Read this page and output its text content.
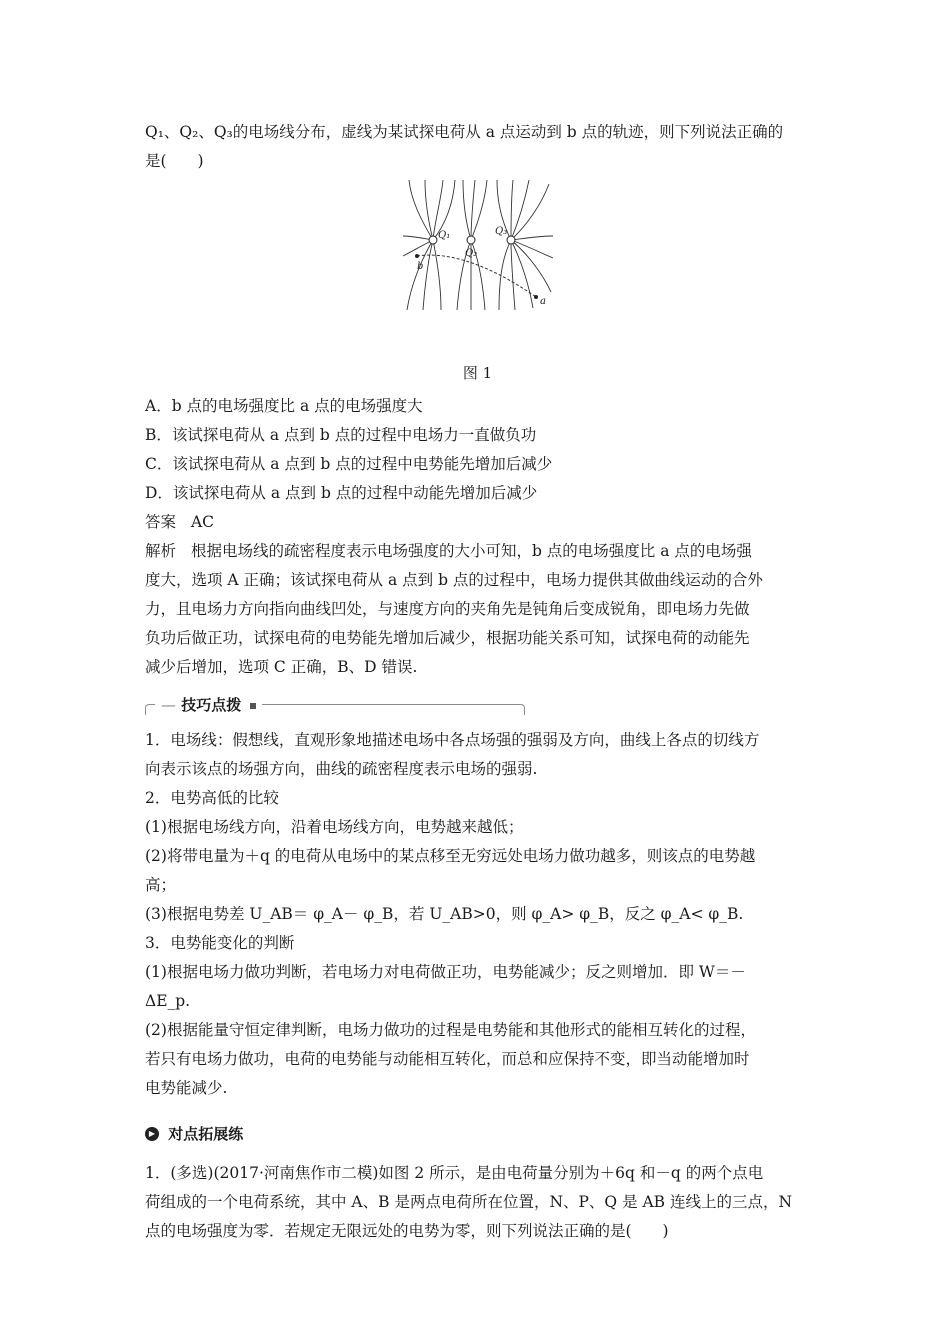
Q₁、Q₂、Q₃的电场线分布，虚线为某试探电荷从 a 点运动到 b 点的轨迹，则下列说法正确的
是(　　)
Q₁
Q₂
Q₃
b
a
图 1
A．b 点的电场强度比 a 点的电场强度大
B．该试探电荷从 a 点到 b 点的过程中电场力一直做负功
C．该试探电荷从 a 点到 b 点的过程中电势能先增加后减少
D．该试探电荷从 a 点到 b 点的过程中动能先增加后减少
答案 AC
解析 根据电场线的疏密程度表示电场强度的大小可知，b 点的电场强度比 a 点的电场强
度大，选项 A 正确；该试探电荷从 a 点到 b 点的过程中，电场力提供其做曲线运动的合外
力，且电场力方向指向曲线凹处，与速度方向的夹角先是钝角后变成锐角，即电场力先做
负功后做正功，试探电荷的电势能先增加后减少，根据功能关系可知，试探电荷的动能先
减少后增加，选项 C 正确，B、D 错误.
— 技巧点拨
1．电场线：假想线，直观形象地描述电场中各点场强的强弱及方向，曲线上各点的切线方
向表示该点的场强方向，曲线的疏密程度表示电场的强弱.
2．电势高低的比较
(1)根据电场线方向，沿着电场线方向，电势越来越低；
(2)将带电量为＋q 的电荷从电场中的某点移至无穷远处电场力做功越多，则该点的电势越
高；
(3)根据电势差 U_AB＝ φ_A－ φ_B，若 U_AB>0，则 φ_A> φ_B，反之 φ_A< φ_B.
3．电势能变化的判断
(1)根据电场力做功判断，若电场力对电荷做正功，电势能减少；反之则增加．即 W＝－
ΔE_p.
(2)根据能量守恒定律判断，电场力做功的过程是电势能和其他形式的能相互转化的过程，
若只有电场力做功，电荷的电势能与动能相互转化，而总和应保持不变，即当动能增加时
电势能减少.
▶ 对点拓展练
1．(多选)(2017·河南焦作市二模)如图 2 所示，是由电荷量分别为＋6q 和－q 的两个点电
荷组成的一个电荷系统，其中 A、B 是两点电荷所在位置，N、P、Q 是 AB 连线上的三点，N
点的电场强度为零．若规定无限远处的电势为零，则下列说法正确的是(　　)
